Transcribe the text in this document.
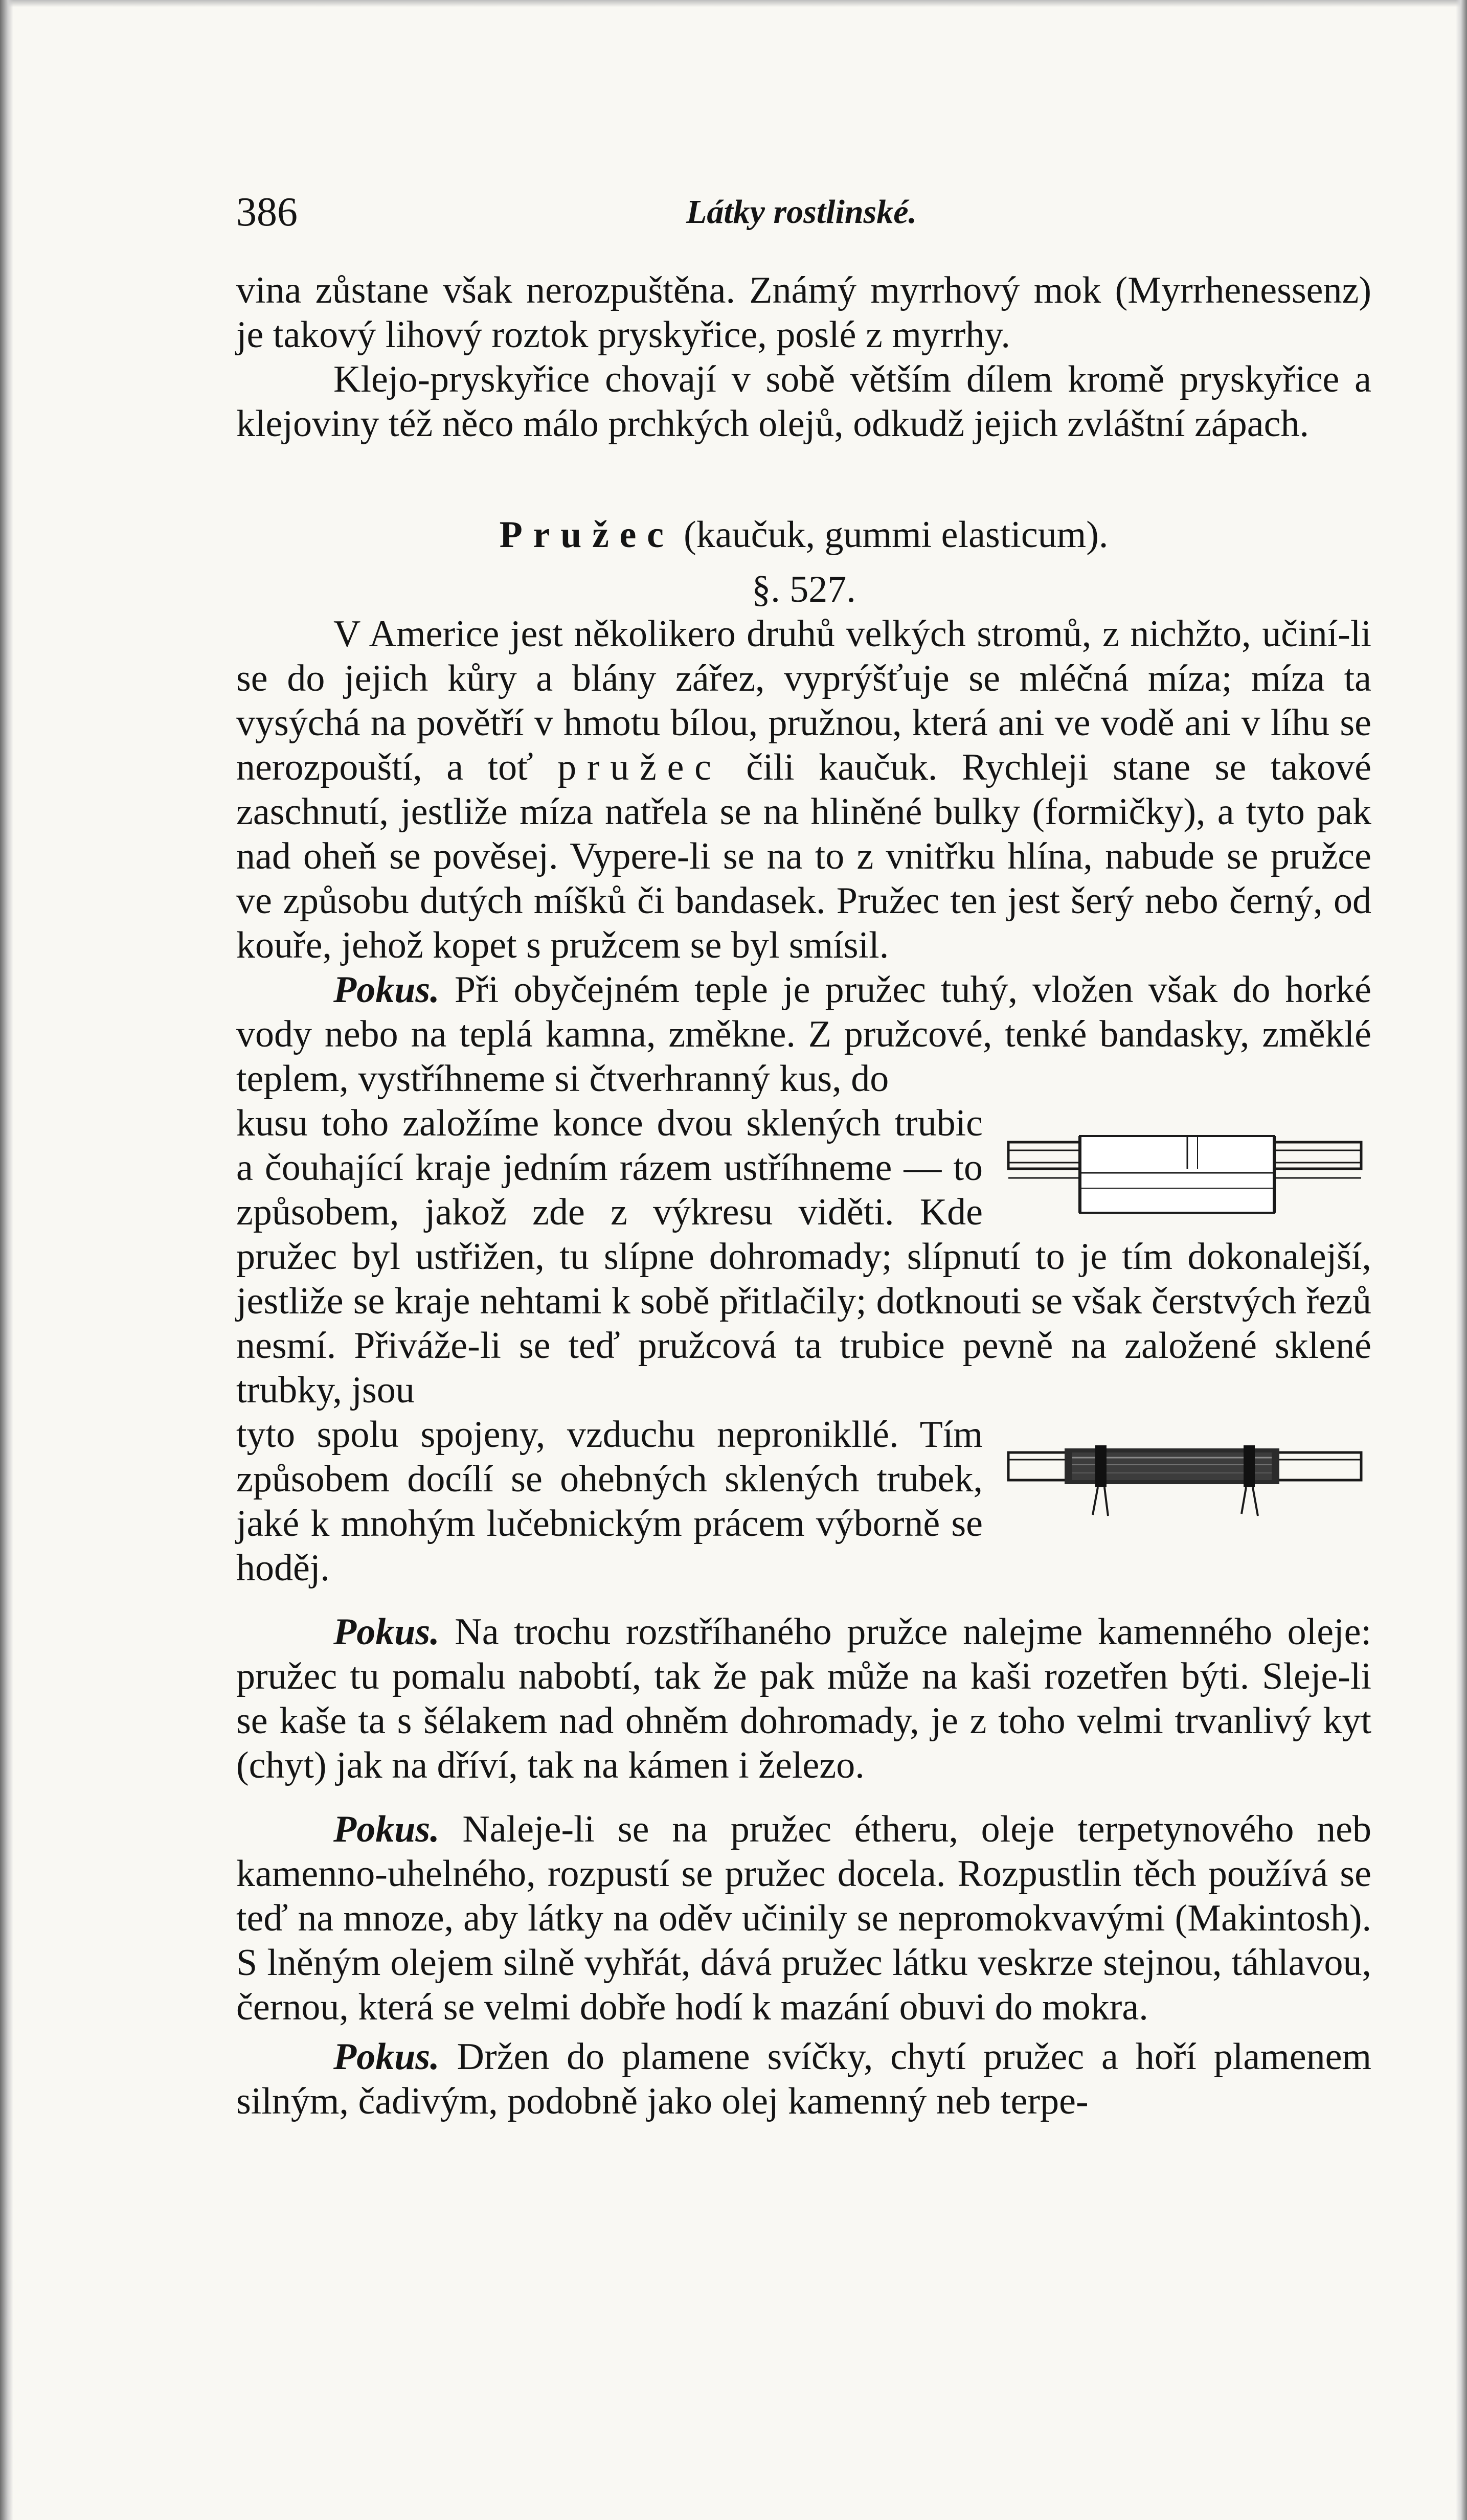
386	Látky rostlinské.

vina zůstane však nerozpuštěna. Známý myrrhový mok (Myrrhenessenz) je takový lihový roztok pryskyřice, poslé z myrrhy.

Klejo-pryskyřice chovají v sobě větším dílem kromě pryskyřice a klejoviny též něco málo prchkých olejů, odkudž jejich zvláštní zápach.

Pružec (kaučuk, gummi elasticum).

§. 527.

V Americe jest několikero druhů velkých stromů, z nichžto, učiní-li se do jejich kůry a blány zářez, vyprýšťuje se mléčná míza; míza ta vysýchá na povětří v hmotu bílou, pružnou, která ani ve vodě ani v líhu se nerozpouští, a toť pružec čili kaučuk. Rychleji stane se takové zaschnutí, jestliže míza natřela se na hliněné bulky (formičky), a tyto pak nad oheň se pověsej. Vypere-li se na to z vnitřku hlína, nabude se pružce ve způsobu dutých míšků či bandasek. Pružec ten jest šerý nebo černý, od kouře, jehož kopet s pružcem se byl smísil.

Pokus. Při obyčejném teple je pružec tuhý, vložen však do horké vody nebo na teplá kamna, změkne. Z pružcové, tenké bandasky, změklé teplem, vystříhneme si čtverhranný kus, do

kusu toho založíme konce dvou sklených trubic a čouhající kraje jedním rázem ustříhneme — to způsobem, jakož zde z výkresu viděti. Kde pružec byl ustřižen, tu slípne dohromady; slípnutí to je tím dokonalejší, jestliže se kraje nehtami k sobě přitlačily; dotknouti se však čerstvých řezů nesmí. Přiváže-li se teď pružcová ta trubice pevně na založené sklené trubky, jsou

tyto spolu spojeny, vzduchu nepronikllé. Tím způsobem docílí se ohebných sklených trubek, jaké k mnohým lučebnickým prácem výborně se hoděj.

Pokus. Na trochu rozstříhaného pružce nalejme kamenného oleje: pružec tu pomalu nabobtí, tak že pak může na kaši rozetřen býti. Sleje-li se kaše ta s šélakem nad ohněm dohromady, je z toho velmi trvanlivý kyt (chyt) jak na dříví, tak na kámen i železo.

Pokus. Naleje-li se na pružec étheru, oleje terpetynového neb kamenno-uhelného, rozpustí se pružec docela. Rozpustlin těch používá se teď na mnoze, aby látky na oděv učinily se nepromokvavými (Makintosh). S lněným olejem silně vyhřát, dává pružec látku veskrze stejnou, táhlavou, černou, která se velmi dobře hodí k mazání obuvi do mokra.

Pokus. Držen do plamene svíčky, chytí pružec a hoří plamenem silným, čadivým, podobně jako olej kamenný neb terpe-
